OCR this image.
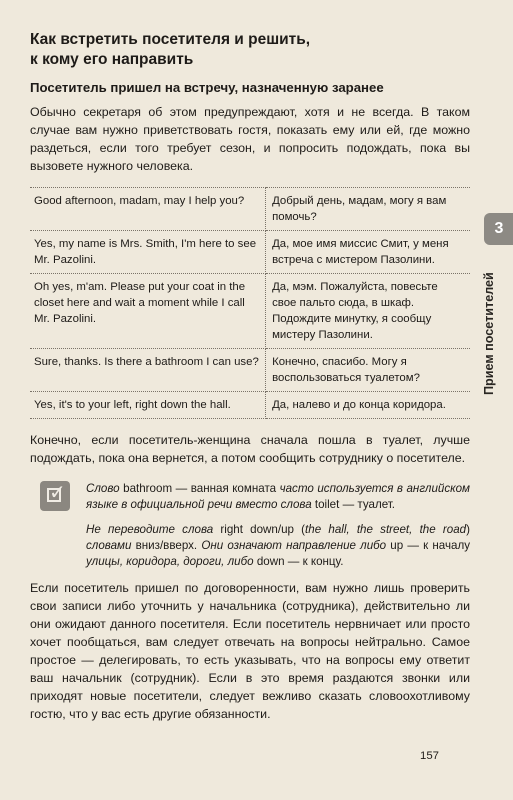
Как встретить посетителя и решить,
к кому его направить
Посетитель пришел на встречу, назначенную заранее

Обычно секретаря об этом предупреждают, хотя и не всегда. В таком случае вам нужно приветствовать гостя, показать ему или ей, где можно раздеться, если того требует сезон, и попросить подождать, пока вы вызовете нужного человека.

Good afternoon, madam, may I help you?	Добрый день, мадам, могу я вам помочь?
Yes, my name is Mrs. Smith, I'm here to see Mr. Pazolini.	Да, мое имя миссис Смит, у меня встреча с мистером Пазолини.
Oh yes, m'am. Please put your coat in the closet here and wait a moment while I call Mr. Pazolini.	Да, мэм. Пожалуйста, повесьте свое пальто сюда, в шкаф. Подождите минутку, я сообщу мистеру Пазолини.
Sure, thanks. Is there a bathroom I can use?	Конечно, спасибо. Могу я воспользоваться туалетом?
Yes, it's to your left, right down the hall.	Да, налево и до конца коридора.

Конечно, если посетитель-женщина сначала пошла в туалет, лучше подождать, пока она вернется, а потом сообщить сотруднику о посетителе.

✓ Слово bathroom — ванная комната часто используется в английском языке в официальной речи вместо слова toilet — туалет.

Не переводите слова right down/up (the hall, the street, the road) словами вниз/вверх. Они означают направление либо up — к началу улицы, коридора, дороги, либо down — к концу.

Если посетитель пришел по договоренности, вам нужно лишь проверить свои записи либо уточнить у начальника (сотрудника), действительно ли они ожидают данного посетителя. Если посетитель нервничает или просто хочет пообщаться, вам следует отвечать на вопросы нейтрально. Самое простое — делегировать, то есть указывать, что на вопросы ему ответит ваш начальник (сотрудник). Если в это время раздаются звонки или приходят новые посетители, следует вежливо сказать словоохотливому гостю, что у вас есть другие обязанности.

3
Прием посетителей
157
